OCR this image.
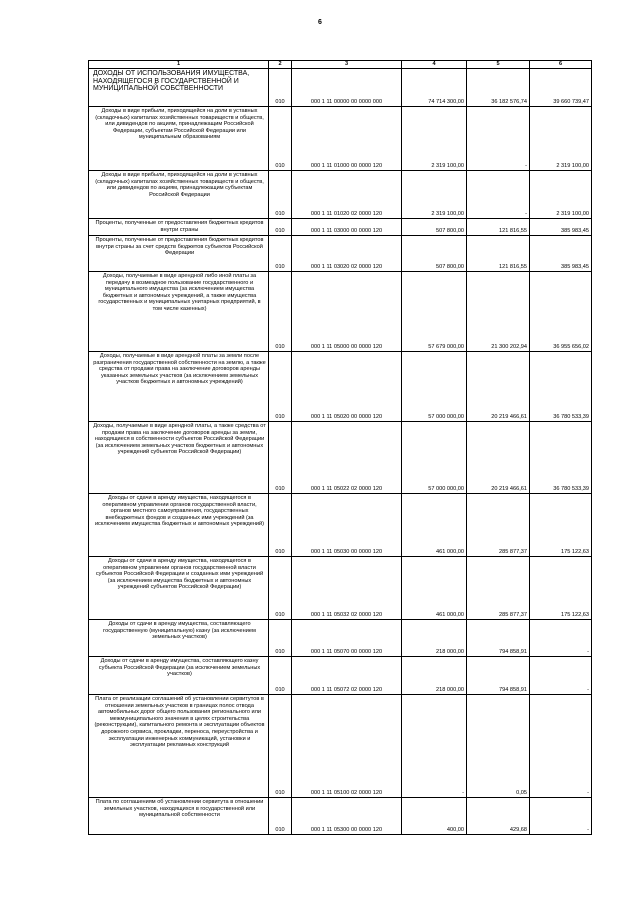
6
1	2	3	4	5	6
ДОХОДЫ ОТ ИСПОЛЬЗОВАНИЯ ИМУЩЕСТВА, НАХОДЯЩЕГОСЯ В ГОСУДАРСТВЕННОЙ И МУНИЦИПАЛЬНОЙ СОБСТВЕННОСТИ	010	000 1 11 00000 00 0000 000	74 714 300,00	36 182 576,74	39 660 739,47
Доходы в виде прибыли, приходящейся на доли в уставных (складочных) капиталах хозяйственных товариществ и обществ, или дивидендов по акциям, принадлежащим Российской Федерации, субъектам Российской Федерации или муниципальным образованиям	010	000 1 11 01000 00 0000 120	2 319 100,00	-	2 319 100,00
Доходы в виде прибыли, приходящейся на доли в уставных (складочных) капиталах хозяйственных товариществ и обществ, или дивидендов по акциям, принадлежащим субъектам Российской Федерации	010	000 1 11 01020 02 0000 120	2 319 100,00	-	2 319 100,00
Проценты, полученные от предоставления бюджетных кредитов внутри страны	010	000 1 11 03000 00 0000 120	507 800,00	121 816,55	385 983,45
Проценты, полученные от предоставления бюджетных кредитов внутри страны за счет средств бюджетов субъектов Российской Федерации	010	000 1 11 03020 02 0000 120	507 800,00	121 816,55	385 983,45
Доходы, получаемые в виде арендной либо иной платы за передачу в возмездное пользование государственного и муниципального имущества (за исключением имущества бюджетных и автономных учреждений, а также имущества государственных и муниципальных унитарных предприятий, в том числе казенных)	010	000 1 11 05000 00 0000 120	57 679 000,00	21 300 202,94	36 955 656,02
Доходы, получаемые в виде арендной платы за земли после разграничения государственной собственности на землю, а также средства от продажи права на заключение договоров аренды указанных земельных участков (за исключением земельных участков бюджетных и автономных учреждений)	010	000 1 11 05020 00 0000 120	57 000 000,00	20 219 466,61	36 780 533,39
Доходы, получаемые в виде арендной платы, а также средства от продажи права на заключение договоров аренды за земли, находящиеся в собственности субъектов Российской Федерации (за исключением земельных участков бюджетных и автономных учреждений субъектов Российской Федерации)	010	000 1 11 05022 02 0000 120	57 000 000,00	20 219 466,61	36 780 533,39
Доходы от сдачи в аренду имущества, находящегося в оперативном управлении органов государственной власти, органов местного самоуправления, государственных внебюджетных фондов и созданных ими учреждений (за исключением имущества бюджетных и автономных учреждений)	010	000 1 11 05030 00 0000 120	461 000,00	285 877,37	175 122,63
Доходы от сдачи в аренду имущества, находящегося в оперативном управлении органов государственной власти субъектов Российской Федерации и созданных ими учреждений (за исключением имущества бюджетных и автономных учреждений субъектов Российской Федерации)	010	000 1 11 05032 02 0000 120	461 000,00	285 877,37	175 122,63
Доходы от сдачи в аренду имущества, составляющего государственную (муниципальную) казну (за исключением земельных участков)	010	000 1 11 05070 00 0000 120	218 000,00	794 858,91	-
Доходы от сдачи в аренду имущества, составляющего казну субъекта Российской Федерации (за исключением земельных участков)	010	000 1 11 05072 02 0000 120	218 000,00	794 858,91	-
Плата от реализации соглашений об установлении сервитутов в отношении земельных участков в границах полос отвода автомобильных дорог общего пользования регионального или межмуниципального значения в целях строительства (реконструкции), капитального ремонта и эксплуатации объектов дорожного сервиса, прокладки, переноса, переустройства и эксплуатации инженерных коммуникаций, установки и эксплуатации рекламных конструкций	010	000 1 11 05100 02 0000 120	-	0,05	-
Плата по соглашениям об установлении сервитута в отношении земельных участков, находящихся в государственной или муниципальной собственности	010	000 1 11 05300 00 0000 120	400,00	429,68	-
